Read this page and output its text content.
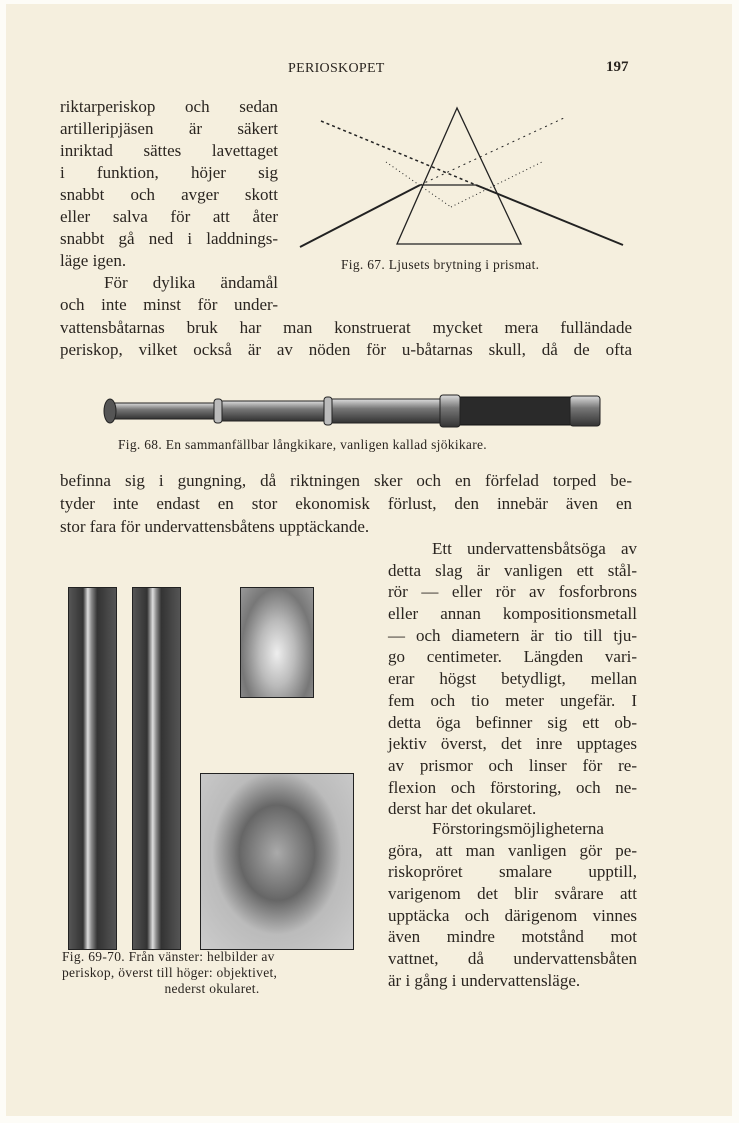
PERIOSKOPET	197
riktarperiskop och sedan
artilleripjäsen är säkert
inriktad sättes lavettaget
i funktion, höjer sig
snabbt och avger skott
eller salva för att åter
snabbt gå ned i laddnings-
läge igen.
För dylika ändamål
och inte minst för under-
vattensbåtarnas bruk har man konstruerat mycket mera fulländade
periskop, vilket också är av nöden för u-båtarnas skull, då de ofta
Fig. 67. Ljusets brytning i prismat.
Fig. 68. En sammanfällbar långkikare, vanligen kallad sjökikare.
befinna sig i gungning, då riktningen sker och en förfelad torped be-
tyder inte endast en stor ekonomisk förlust, den innebär även en
stor fara för undervattensbåtens upptäckande.
Ett undervattensbåtsöga av
detta slag är vanligen ett stål-
rör — eller rör av fosforbrons
eller annan kompositionsmetall
— och diametern är tio till tju-
go centimeter. Längden vari-
erar högst betydligt, mellan
fem och tio meter ungefär. I
detta öga befinner sig ett ob-
jektiv överst, det inre upptages
av prismor och linser för re-
flexion och förstoring, och ne-
derst har det okularet.
Förstoringsmöjligheterna
göra, att man vanligen gör pe-
riskopröret smalare upptill,
varigenom det blir svårare att
upptäcka och därigenom vinnes
även mindre motstånd mot
vattnet, då undervattensbåten
är i gång i undervattensläge.
Fig. 69-70. Från vänster: helbilder av
periskop, överst till höger: objektivet,
nederst okularet.
